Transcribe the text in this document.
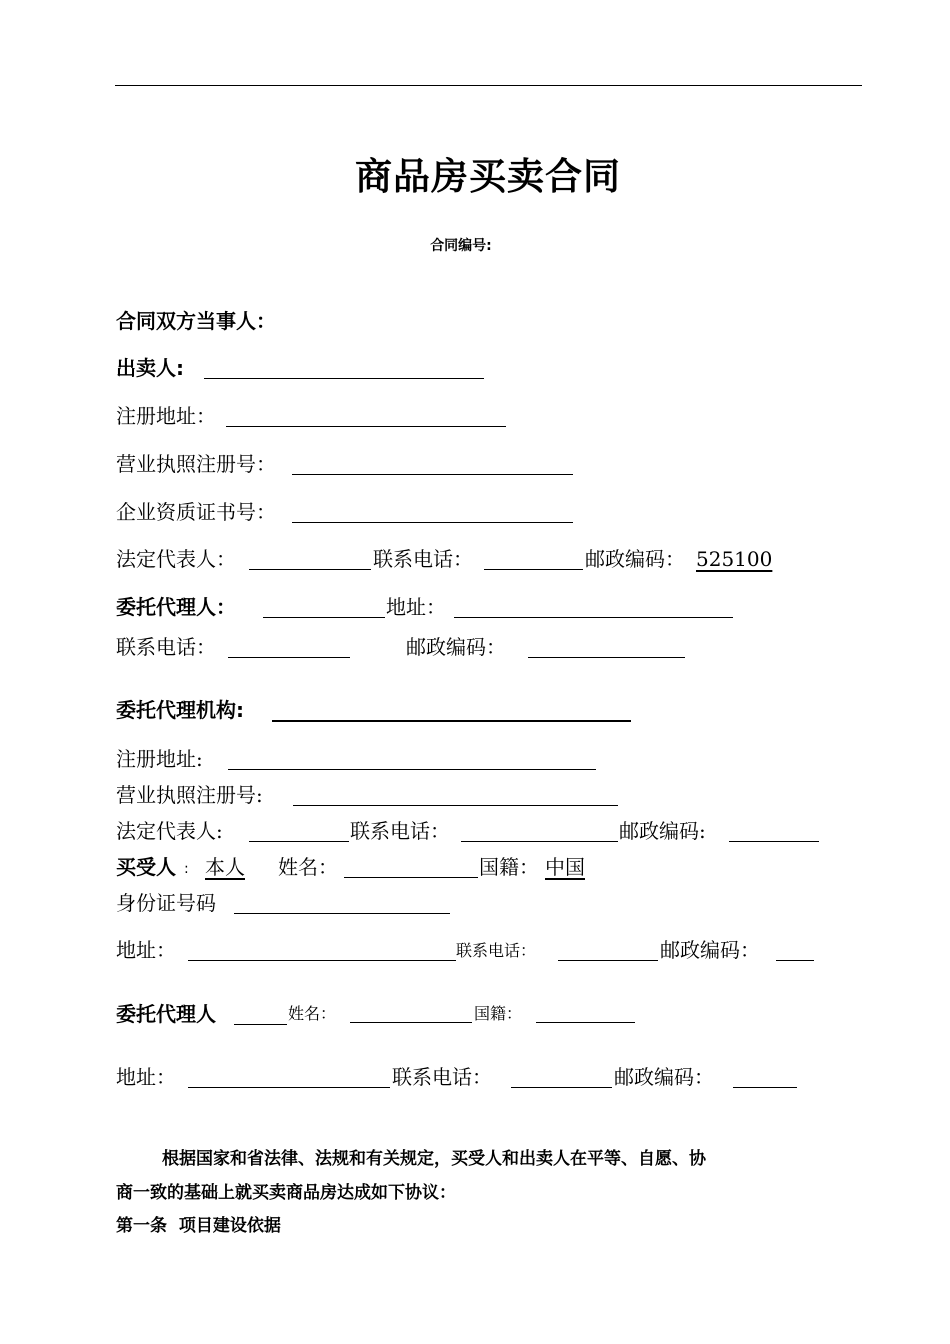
商品房买卖合同
合同编号:
合同双方当事人：
出卖人:
注册地址：
营业执照注册号：
企业资质证书号：
法定代表人：	联系电话：	邮政编码： 525100
委托代理人：	地址：
联系电话：	邮政编码：
委托代理机构:
注册地址:
营业执照注册号:
法定代表人:	联系电话：	邮政编码:
买受人 : 本人 姓名：	国籍： 中国
身份证号码
地址：	联系电话：	邮政编码：
委托代理人	姓名：	国籍：
地址：	联系电话：	邮政编码：
根据国家和省法律、法规和有关规定，买受人和出卖人在平等、自愿、协
商一致的基础上就买卖商品房达成如下协议：
第一条  项目建设依据
